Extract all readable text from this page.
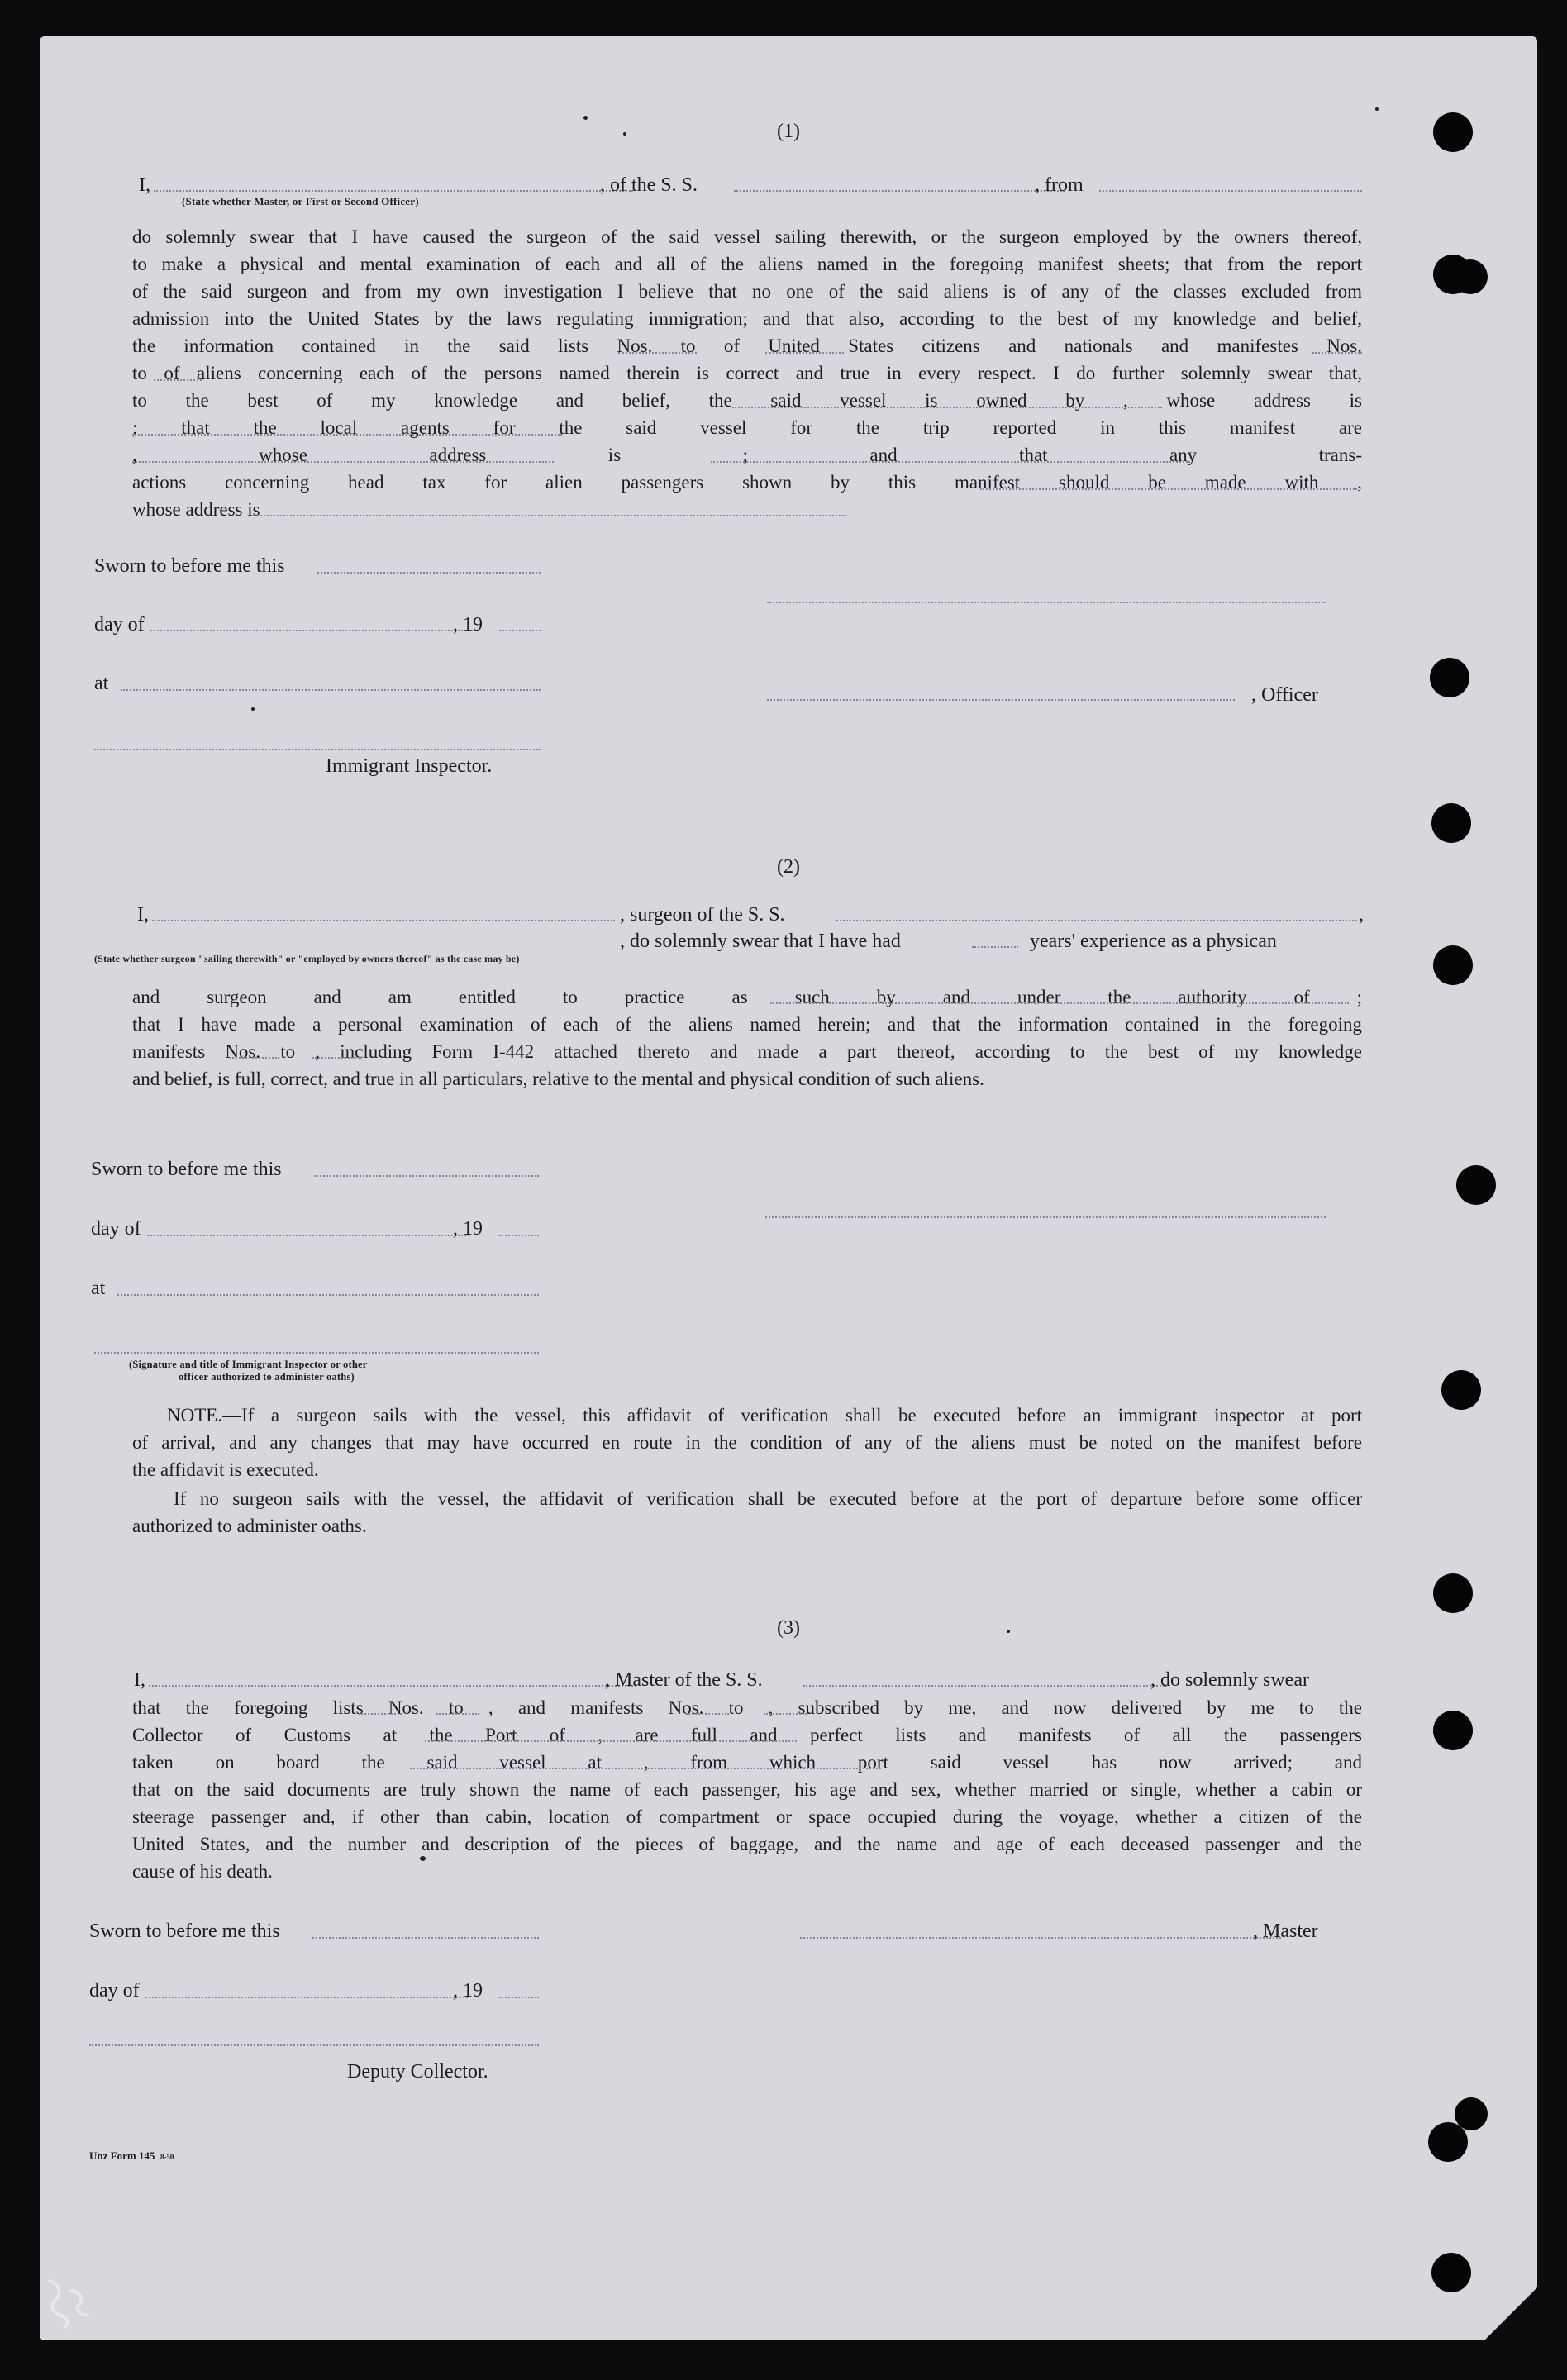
(1)
I,	, of the S. S.	, from
(State whether Master, or First or Second Officer)
do solemnly swear that I have caused the surgeon of the said vessel sailing therewith, or the surgeon employed by the owners thereof,
to make a physical and mental examination of each and all of the aliens named in the foregoing manifest sheets; that from the report
of the said surgeon and from my own investigation I believe that no one of the said aliens is of any of the classes excluded from
admission into the United States by the laws regulating immigration; and that also, according to the best of my knowledge and belief,
the information contained in the said lists Nos. to of United States citizens and nationals and manifestes Nos.
to of aliens concerning each of the persons named therein is correct and true in every respect. I do further solemnly swear that,
to the best of my knowledge and belief, the said vessel is owned by , whose address is
; that the local agents for the said vessel for the trip reported in this manifest are
, whose address is ; and that any trans-
actions concerning head tax for alien passengers shown by this manifest should be made with ,
whose address is
Sworn to before me this
day of	, 19
at
, Officer
Immigrant Inspector.
(2)
I,	, surgeon of the S. S.	,
, do solemnly swear that I have had	years' experience as a physican
(State whether surgeon "sailing therewith" or "employed by owners thereof" as the case may be)
and surgeon and am entitled to practice as such by and under the authority of ;
that I have made a personal examination of each of the aliens named herein; and that the information contained in the foregoing
manifests Nos. to , including Form I-442 attached thereto and made a part thereof, according to the best of my knowledge
and belief, is full, correct, and true in all particulars, relative to the mental and physical condition of such aliens.
Sworn to before me this
day of	, 19
at
(Signature and title of Immigrant Inspector or other
officer authorized to administer oaths)
NOTE.—If a surgeon sails with the vessel, this affidavit of verification shall be executed before an immigrant inspector at port
of arrival, and any changes that may have occurred en route in the condition of any of the aliens must be noted on the manifest before
the affidavit is executed.
If no surgeon sails with the vessel, the affidavit of verification shall be executed before at the port of departure before some officer
authorized to administer oaths.
(3)
I,	, Master of the S. S.	, do solemnly swear
that the foregoing lists Nos. to , and manifests Nos. to , subscribed by me, and now delivered by me to the
Collector of Customs at the Port of , are full and perfect lists and manifests of all the passengers
taken on board the said vessel at , from which port said vessel has now arrived; and
that on the said documents are truly shown the name of each passenger, his age and sex, whether married or single, whether a cabin or
steerage passenger and, if other than cabin, location of compartment or space occupied during the voyage, whether a citizen of the
United States, and the number and description of the pieces of baggage, and the name and age of each deceased passenger and the
cause of his death.
Sworn to before me this	, Master
day of	, 19
Deputy Collector.
Unz Form 145 8-50
